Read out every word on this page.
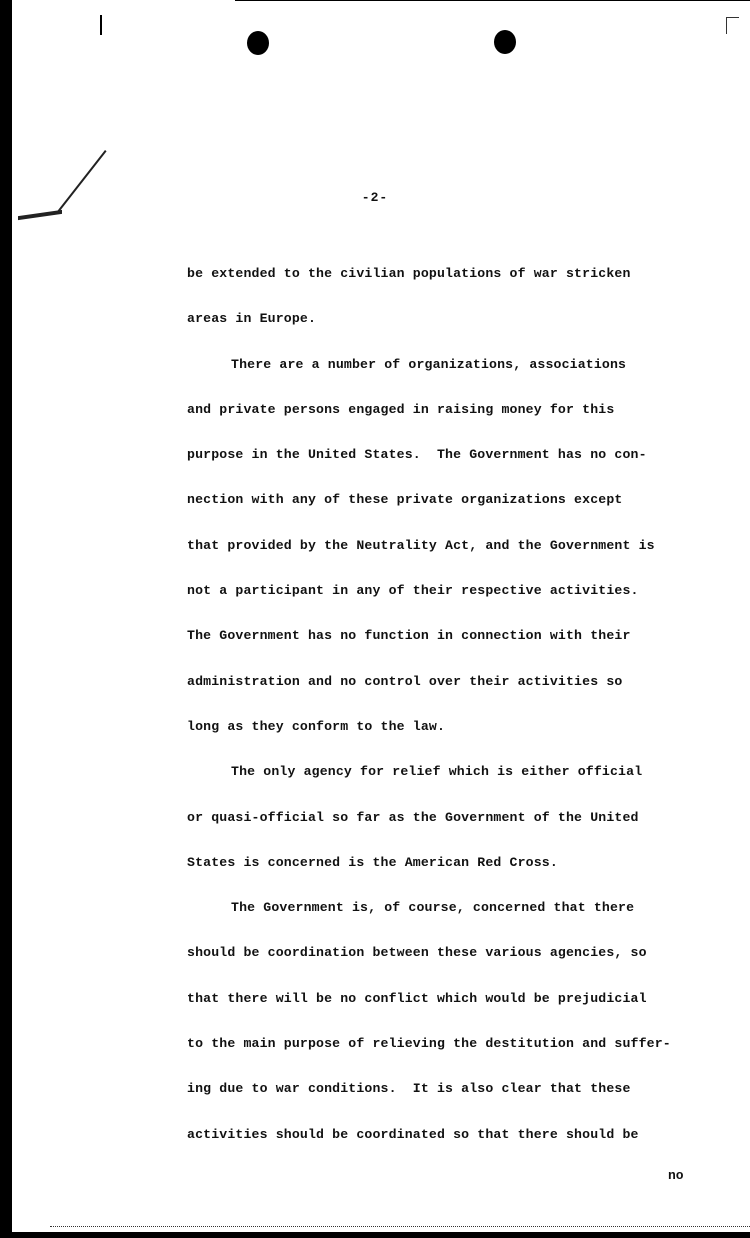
-2-
be extended to the civilian populations of war stricken
areas in Europe.
There are a number of organizations, associations
and private persons engaged in raising money for this
purpose in the United States.  The Government has no con-
nection with any of these private organizations except
that provided by the Neutrality Act, and the Government is
not a participant in any of their respective activities.
The Government has no function in connection with their
administration and no control over their activities so
long as they conform to the law.
The only agency for relief which is either official
or quasi-official so far as the Government of the United
States is concerned is the American Red Cross.
The Government is, of course, concerned that there
should be coordination between these various agencies, so
that there will be no conflict which would be prejudicial
to the main purpose of relieving the destitution and suffer-
ing due to war conditions.  It is also clear that these
activities should be coordinated so that there should be
no
